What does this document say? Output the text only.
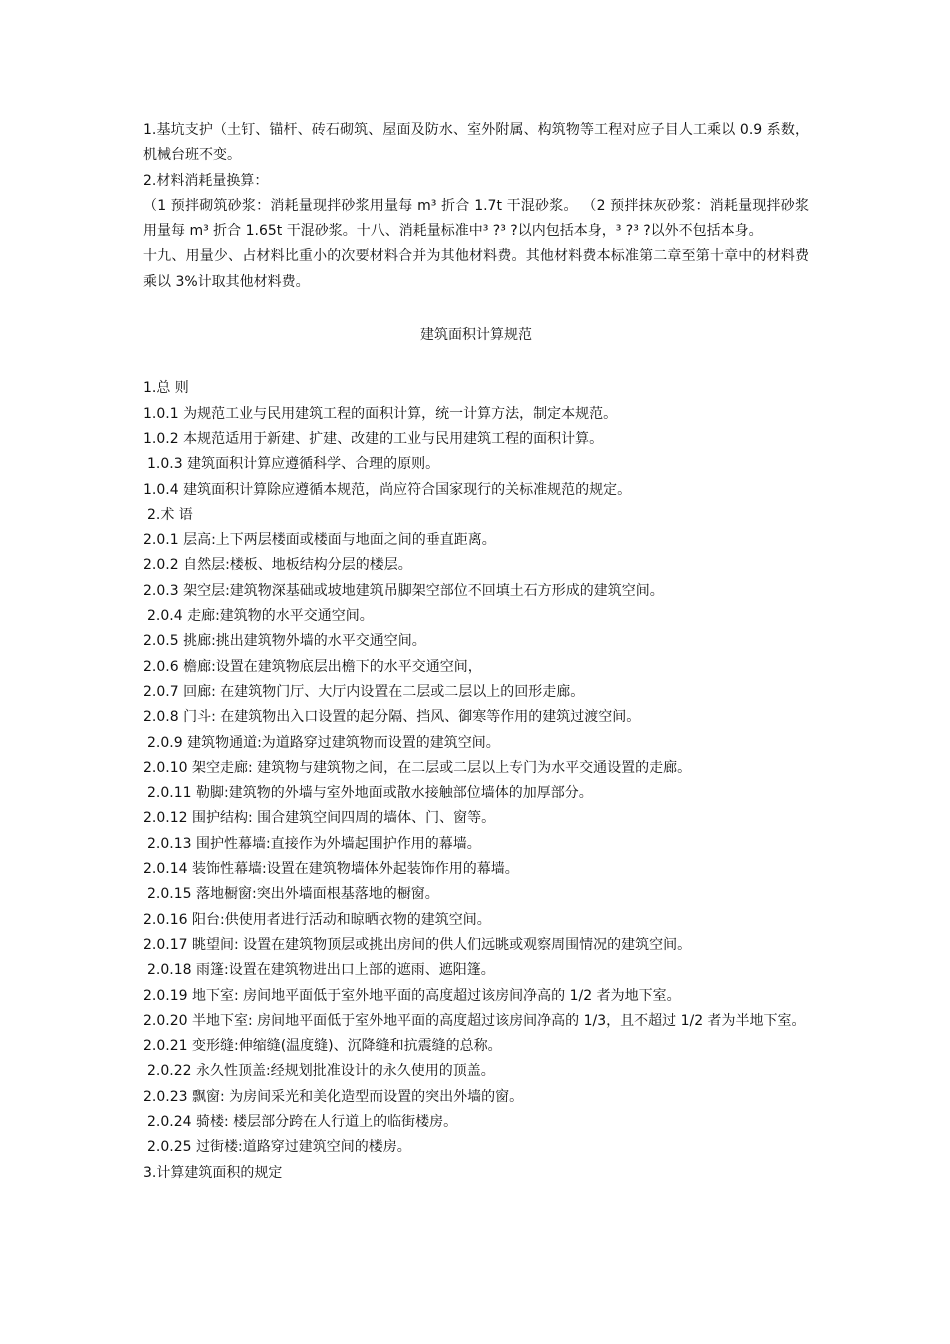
1.基坑支护（土钉、锚杆、砖石砌筑、屋面及防水、室外附属、构筑物等工程对应子目人工乘以 0.9 系数，机械台班不变。

2.材料消耗量换算：

（1 预拌砌筑砂浆：消耗量现拌砂浆用量每 m³ 折合 1.7t 干混砂浆。 （2 预拌抹灰砂浆：消耗量现拌砂浆用量每 m³ 折合 1.65t 干混砂浆。十八、消耗量标准中³ ?³ ?以内包括本身，³ ?³ ?以外不包括本身。

十九、用量少、占材料比重小的次要材料合并为其他材料费。其他材料费本标准第二章至第十章中的材料费乘以 3%计取其他材料费。

建筑面积计算规范

1.总 则

1.0.1 为规范工业与民用建筑工程的面积计算，统一计算方法，制定本规范。

1.0.2 本规范适用于新建、扩建、改建的工业与民用建筑工程的面积计算。

1.0.3 建筑面积计算应遵循科学、合理的原则。

1.0.4 建筑面积计算除应遵循本规范，尚应符合国家现行的关标准规范的规定。

2.术 语

2.0.1 层高:上下两层楼面或楼面与地面之间的垂直距离。

2.0.2 自然层:楼板、地板结构分层的楼层。

2.0.3 架空层:建筑物深基础或坡地建筑吊脚架空部位不回填土石方形成的建筑空间。

2.0.4 走廊:建筑物的水平交通空间。

2.0.5 挑廊:挑出建筑物外墙的水平交通空间。

2.0.6 檐廊:设置在建筑物底层出檐下的水平交通空间，

2.0.7 回廊: 在建筑物门厅、大厅内设置在二层或二层以上的回形走廊。

2.0.8 门斗: 在建筑物出入口设置的起分隔、挡风、御寒等作用的建筑过渡空间。

2.0.9 建筑物通道:为道路穿过建筑物而设置的建筑空间。

2.0.10 架空走廊: 建筑物与建筑物之间，在二层或二层以上专门为水平交通设置的走廊。

2.0.11 勒脚:建筑物的外墙与室外地面或散水接触部位墙体的加厚部分。

2.0.12 围护结构: 围合建筑空间四周的墙体、门、窗等。

2.0.13 围护性幕墙:直接作为外墙起围护作用的幕墙。

2.0.14 装饰性幕墙:设置在建筑物墙体外起装饰作用的幕墙。

2.0.15 落地橱窗:突出外墙面根基落地的橱窗。

2.0.16 阳台:供使用者进行活动和晾晒衣物的建筑空间。

2.0.17 眺望间: 设置在建筑物顶层或挑出房间的供人们远眺或观察周围情况的建筑空间。

2.0.18 雨篷:设置在建筑物进出口上部的遮雨、遮阳篷。

2.0.19 地下室: 房间地平面低于室外地平面的高度超过该房间净高的 1/2 者为地下室。

2.0.20 半地下室: 房间地平面低于室外地平面的高度超过该房间净高的 1/3，且不超过 1/2 者为半地下室。

2.0.21 变形缝:伸缩缝(温度缝)、沉降缝和抗震缝的总称。

2.0.22 永久性顶盖:经规划批准设计的永久使用的顶盖。

2.0.23 飘窗: 为房间采光和美化造型而设置的突出外墙的窗。

2.0.24 骑楼: 楼层部分跨在人行道上的临街楼房。

2.0.25 过街楼:道路穿过建筑空间的楼房。

3.计算建筑面积的规定
